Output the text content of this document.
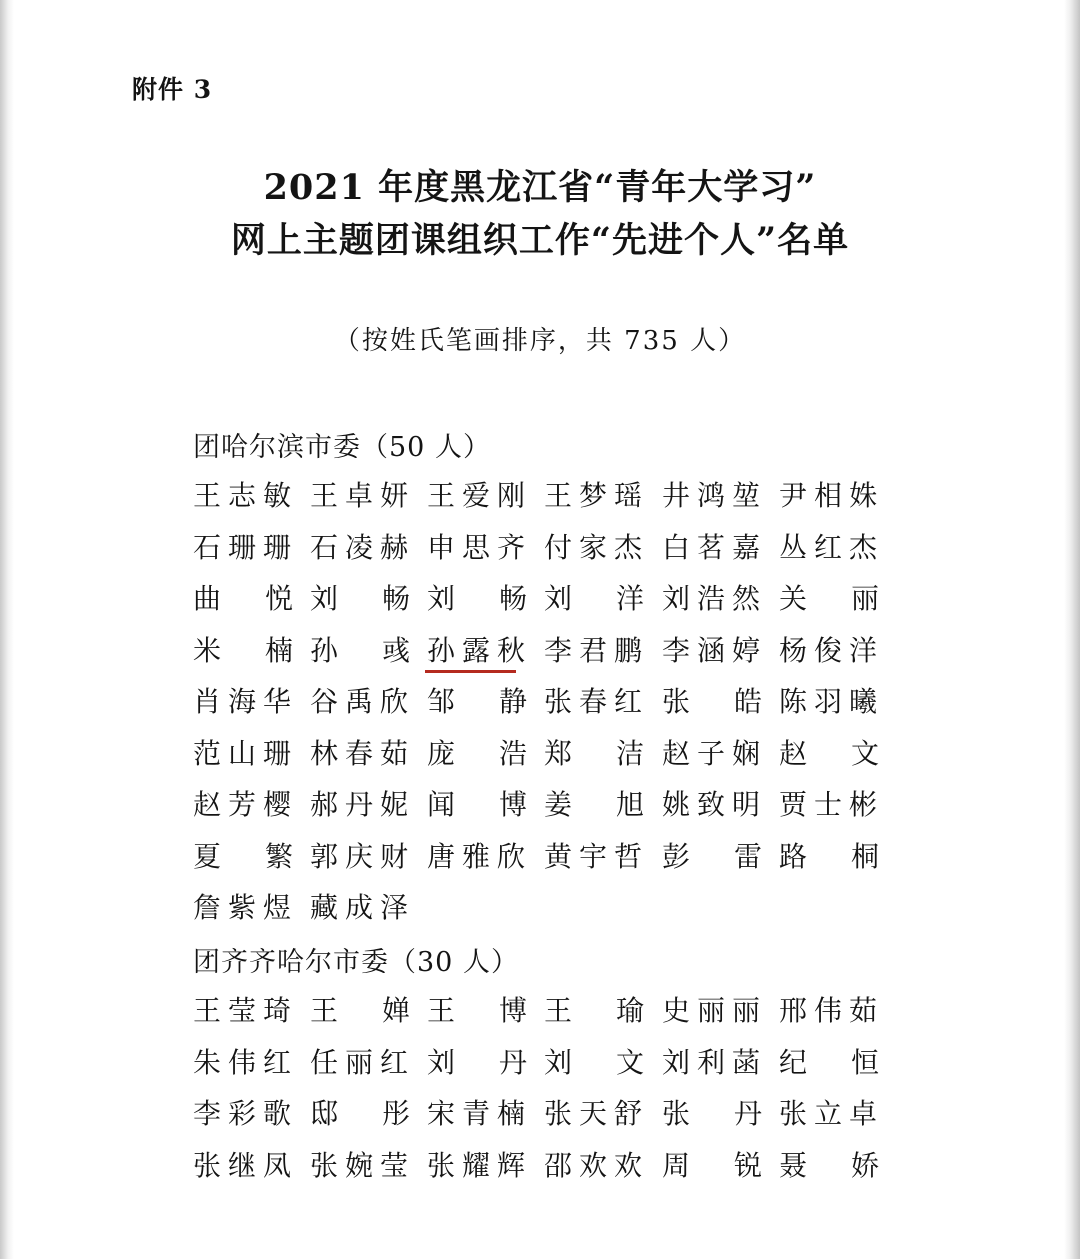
附件 3
2021 年度黑龙江省“青年大学习”
网上主题团课组织工作“先进个人”名单
（按姓氏笔画排序，共 735 人）
团哈尔滨市委（50 人）
王 志 敏 王 卓 妍 王 爱 刚 王 梦 瑶 井 鸿 堃 尹 相 姝
石 珊 珊 石 凌 赫 申 思 齐 付 家 杰 白 茗 嘉 丛 红 杰
曲 悦 刘 畅 刘 畅 刘 洋 刘 浩 然 关 丽
米 楠 孙 彧 孙 露 秋 李 君 鹏 李 涵 婷 杨 俊 洋
肖 海 华 谷 禹 欣 邹 静 张 春 红 张 皓 陈 羽 曦
范 山 珊 林 春 茹 庞 浩 郑 洁 赵 子 娴 赵 文
赵 芳 樱 郝 丹 妮 闻 博 姜 旭 姚 致 明 贾 士 彬
夏 繁 郭 庆 财 唐 雅 欣 黄 宇 哲 彭 雷 路 桐
詹 紫 煜 藏 成 泽
团齐齐哈尔市委（30 人）
王 莹 琦 王 婵 王 博 王 瑜 史 丽 丽 邢 伟 茹
朱 伟 红 任 丽 红 刘 丹 刘 文 刘 利 菡 纪 恒
李 彩 歌 邸 彤 宋 青 楠 张 天 舒 张 丹 张 立 卓
张 继 凤 张 婉 莹 张 耀 辉 邵 欢 欢 周 锐 聂 娇
